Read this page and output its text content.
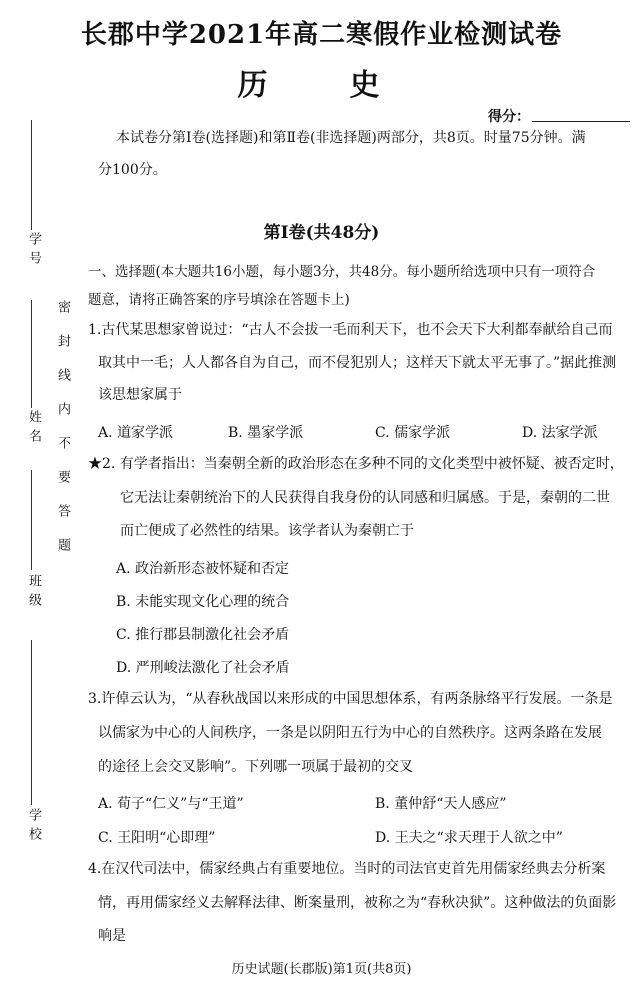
学号
姓名
班级
学校
密封线内不要答题
长郡中学2021年高二寒假作业检测试卷
历　史
得分：
本试卷分第Ⅰ卷(选择题)和第Ⅱ卷(非选择题)两部分，共8页。时量75分钟。满
分100分。
第Ⅰ卷(共48分)
一、选择题(本大题共16小题，每小题3分，共48分。每小题所给选项中只有一项符合
题意，请将正确答案的序号填涂在答题卡上)
1.古代某思想家曾说过：“古人不会拔一毛而利天下，也不会天下大利都奉献给自己而
取其中一毛；人人都各自为自己，而不侵犯别人；这样天下就太平无事了。”据此推测
该思想家属于
A. 道家学派	B. 墨家学派	C. 儒家学派	D. 法家学派
★2. 有学者指出：当秦朝全新的政治形态在多种不同的文化类型中被怀疑、被否定时，
它无法让秦朝统治下的人民获得自我身份的认同感和归属感。于是，秦朝的二世
而亡便成了必然性的结果。该学者认为秦朝亡于
A. 政治新形态被怀疑和否定
B. 未能实现文化心理的统合
C. 推行郡县制激化社会矛盾
D. 严刑峻法激化了社会矛盾
3.许倬云认为，“从春秋战国以来形成的中国思想体系，有两条脉络平行发展。一条是
以儒家为中心的人间秩序，一条是以阴阳五行为中心的自然秩序。这两条路在发展
的途径上会交叉影响”。下列哪一项属于最初的交叉
A. 荀子“仁义”与“王道”	B. 董仲舒“天人感应”
C. 王阳明“心即理”	D. 王夫之“求天理于人欲之中”
4.在汉代司法中，儒家经典占有重要地位。当时的司法官吏首先用儒家经典去分析案
情，再用儒家经义去解释法律、断案量刑，被称之为“春秋决狱”。这种做法的负面影
响是
历史试题(长郡版)第1页(共8页)
